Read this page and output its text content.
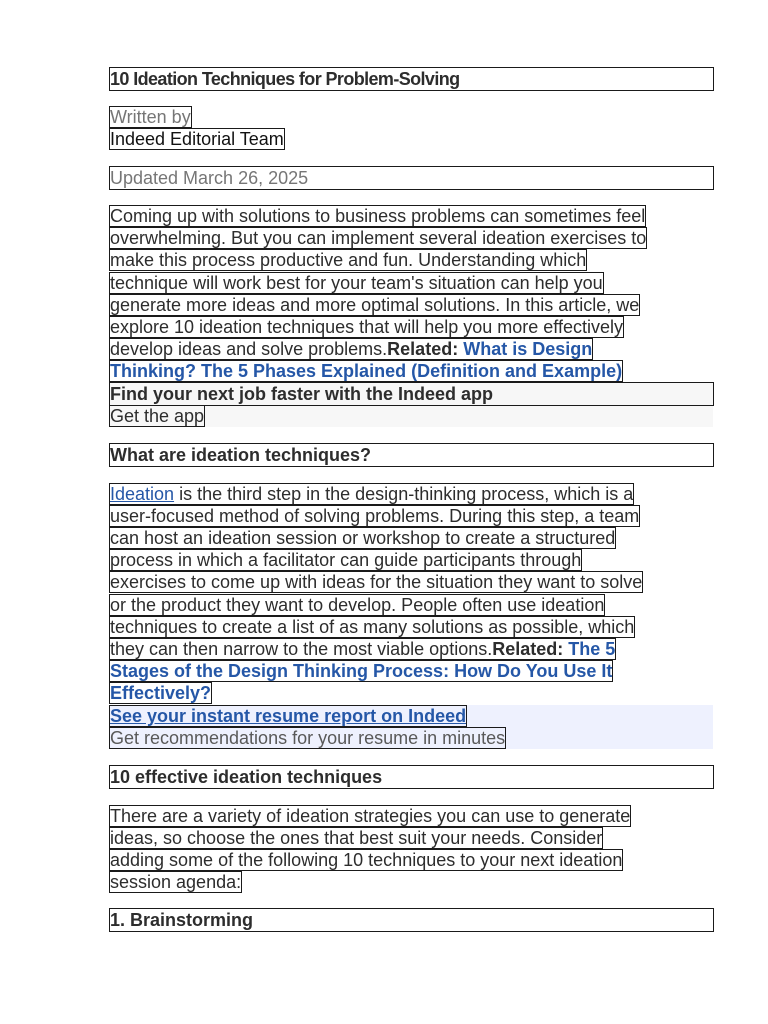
10 Ideation Techniques for Problem-Solving
Written by
Indeed Editorial Team
Updated March 26, 2025
Coming up with solutions to business problems can sometimes feel
overwhelming. But you can implement several ideation exercises to
make this process productive and fun. Understanding which
technique will work best for your team's situation can help you
generate more ideas and more optimal solutions. In this article, we
explore 10 ideation techniques that will help you more effectively
develop ideas and solve problems.Related: What is Design
Thinking? The 5 Phases Explained (Definition and Example)
Find your next job faster with the Indeed app
Get the app
What are ideation techniques?
Ideation is the third step in the design-thinking process, which is a
user-focused method of solving problems. During this step, a team
can host an ideation session or workshop to create a structured
process in which a facilitator can guide participants through
exercises to come up with ideas for the situation they want to solve
or the product they want to develop. People often use ideation
techniques to create a list of as many solutions as possible, which
they can then narrow to the most viable options.Related: The 5
Stages of the Design Thinking Process: How Do You Use It
Effectively?
See your instant resume report on Indeed
Get recommendations for your resume in minutes
10 effective ideation techniques
There are a variety of ideation strategies you can use to generate
ideas, so choose the ones that best suit your needs. Consider
adding some of the following 10 techniques to your next ideation
session agenda:
1. Brainstorming
